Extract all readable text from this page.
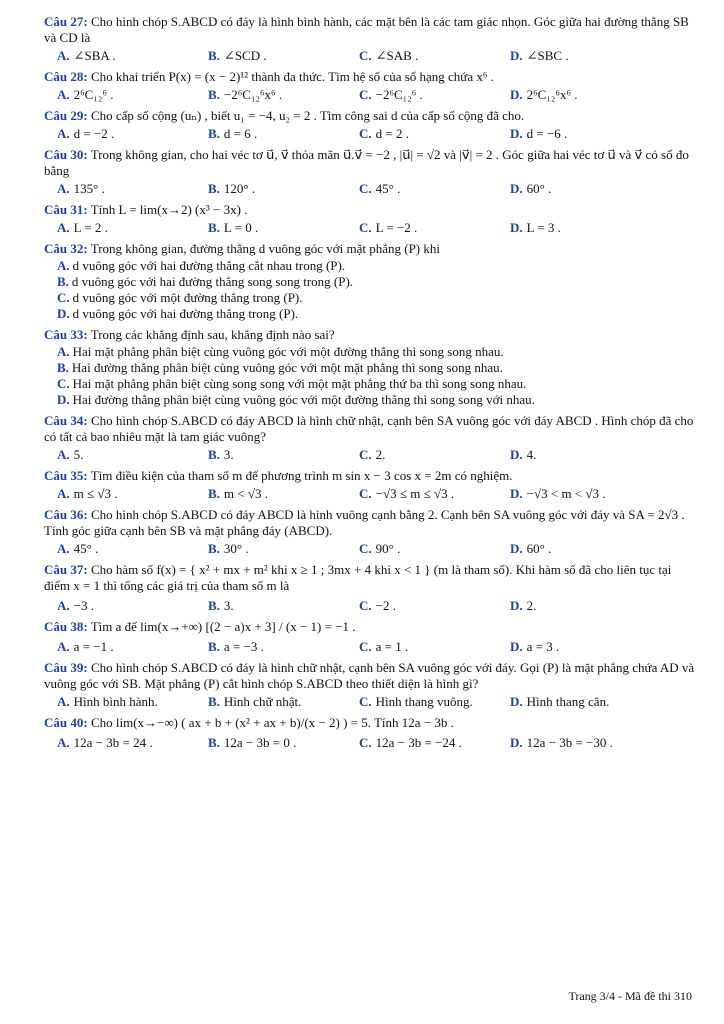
Câu 27: Cho hình chóp S.ABCD có đáy là hình bình hành, các mặt bên là các tam giác nhọn. Góc giữa hai đường thẳng SB và CD là
A. ∠SBA .	B. ∠SCD .	C. ∠SAB .	D. ∠SBC .
Câu 28: Cho khai triển P(x) = (x − 2)¹² thành đa thức. Tìm hệ số của số hạng chứa x⁶ .
A. 2⁶C₁₂⁶ .	B. −2⁶C₁₂⁶x⁶ .	C. −2⁶C₁₂⁶ .	D. 2⁶C₁₂⁶x⁶ .
Câu 29: Cho cấp số cộng (uₙ) , biết u₁ = −4, u₂ = 2 . Tìm công sai d của cấp số cộng đã cho.
A. d = −2 .	B. d = 6 .	C. d = 2 .	D. d = −6 .
Câu 30: Trong không gian, cho hai véc tơ u⃗, v⃗ thỏa mãn u⃗.v⃗ = −2 , |u⃗| = √2 và |v⃗| = 2 . Góc giữa hai véc tơ u⃗ và v⃗ có số đo bằng
A. 135° .	B. 120° .	C. 45° .	D. 60° .
Câu 31: Tính L = lim(x→2) (x³ − 3x) .
A. L = 2 .	B. L = 0 .	C. L = −2 .	D. L = 3 .
Câu 32: Trong không gian, đường thẳng d vuông góc với mặt phẳng (P) khi
A. d vuông góc với hai đường thẳng cắt nhau trong (P).
B. d vuông góc với hai đường thẳng song song trong (P).
C. d vuông góc với một đường thẳng trong (P).
D. d vuông góc với hai đường thẳng trong (P).
Câu 33: Trong các khẳng định sau, khẳng định nào sai?
A. Hai mặt phẳng phân biệt cùng vuông góc với một đường thẳng thì song song nhau.
B. Hai đường thẳng phân biệt cùng vuông góc với một mặt phẳng thì song song nhau.
C. Hai mặt phẳng phân biệt cùng song song với một mặt phẳng thứ ba thì song song nhau.
D. Hai đường thẳng phân biệt cùng vuông góc với một đường thẳng thì song song với nhau.
Câu 34: Cho hình chóp S.ABCD có đáy ABCD là hình chữ nhật, cạnh bên SA vuông góc với đáy ABCD . Hình chóp đã cho có tất cả bao nhiêu mặt là tam giác vuông?
A. 5.	B. 3.	C. 2.	D. 4.
Câu 35: Tìm điều kiện của tham số m để phương trình m sin x − 3 cos x = 2m có nghiệm.
A. m ≤ √3 .	B. m < √3 .	C. −√3 ≤ m ≤ √3 .	D. −√3 < m < √3 .
Câu 36: Cho hình chóp S.ABCD có đáy ABCD là hình vuông cạnh bằng 2. Cạnh bên SA vuông góc với đáy và SA = 2√3 . Tính góc giữa cạnh bên SB và mặt phẳng đáy (ABCD).
A. 45° .	B. 30° .	C. 90° .	D. 60° .
Câu 37: Cho hàm số f(x) = { x² + mx + m² khi x ≥ 1 ; 3mx + 4 khi x < 1 } (m là tham số). Khi hàm số đã cho liên tục tại điểm x = 1 thì tổng các giá trị của tham số m là
A. −3 .	B. 3.	C. −2 .	D. 2.
Câu 38: Tìm a để lim(x→+∞) [(2 − a)x + 3] / (x − 1) = −1 .
A. a = −1 .	B. a = −3 .	C. a = 1 .	D. a = 3 .
Câu 39: Cho hình chóp S.ABCD có đáy là hình chữ nhật, cạnh bên SA vuông góc với đáy. Gọi (P) là mặt phẳng chứa AD và vuông góc với SB. Mặt phẳng (P) cắt hình chóp S.ABCD theo thiết diện là hình gì?
A. Hình bình hành.	B. Hình chữ nhật.	C. Hình thang vuông.	D. Hình thang cân.
Câu 40: Cho lim(x→−∞) ( ax + b + (x² + ax + b)/(x − 2) ) = 5. Tính 12a − 3b .
A. 12a − 3b = 24 .	B. 12a − 3b = 0 .	C. 12a − 3b = −24 .	D. 12a − 3b = −30 .
Trang 3/4 - Mã đề thi 310
